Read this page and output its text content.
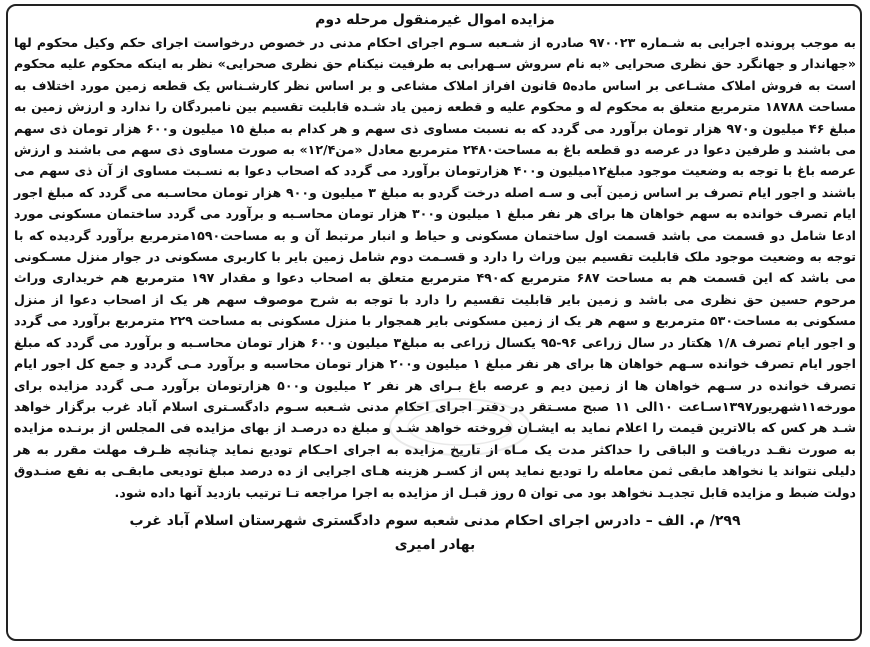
مزایده اموال غیرمنقول مرحله دوم

به موجب پرونده اجرایی به شـماره ۹۷۰۰۲۳ صادره از شـعبه سـوم اجرای احکام مدنی در خصوص درخواست اجرای حکم وکیل محکوم لها «جهاندار و جهانگرد حق نظری صحرایی «به نام سروش سـهرابی به طرفیت نیکنام حق نظری صحرایی» نظر به اینکه محکوم علیه محکوم است به فروش املاک مشـاعی بر اساس ماده۵ قانون افراز املاک مشاعی و بر اساس نظر کارشـناس یک قطعه زمین مورد اختلاف به مساحت ۱۸۷۸۸ مترمربع متعلق به محکوم له و محکوم علیه و قطعه زمین یاد شـده قابلیت تقسیم بین نامبردگان را ندارد و ارزش زمین به مبلغ ۴۶ میلیون و۹۷۰ هزار تومان برآورد می گردد که به نسبت مساوی ذی سهم و هر کدام به مبلغ ۱۵ میلیون و۶۰۰ هزار تومان ذی سهم می باشند و طرفین دعوا در عرصه دو قطعه باغ به مساحت۲۴۸۰ مترمربع معادل «من۱۲/۴» به صورت مساوی ذی سهم می باشند و ارزش عرصه باغ با توجه به وضعیت موجود مبلغ۱۲میلیون و۴۰۰ هزارتومان برآورد می گردد که اصحاب دعوا به نسـبت مساوی از آن ذی سهم می باشند و اجور ایام تصرف بر اساس زمین آبی و سـه اصله درخت گردو به مبلغ ۳ میلیون و۹۰۰ هزار تومان محاسـبه می گردد که مبلغ اجور ایام تصرف خوانده به سهم خواهان ها برای هر نفر مبلغ ۱ میلیون و۳۰۰ هزار تومان محاسـبه و برآورد می گردد ساختمان مسکونی مورد ادعا شامل دو قسمت می باشد قسمت اول ساختمان مسکونی و حیاط و انبار مرتبط آن و به مساحت۱۵۹۰مترمربع برآورد گردیده که با توجه به وضعیت موجود ملک قابلیت تقسیم بین وراث را دارد و قسـمت دوم شامل زمین بایر با کاربری مسکونی در جوار منزل مسـکونی می باشد که این قسمت هم به مساحت ۶۸۷ مترمربع که۴۹۰ مترمربع متعلق به اصحاب دعوا و مقدار ۱۹۷ مترمربع هم خریداری وراث مرحوم حسین حق نظری می باشد و زمین بایر قابلیت تقسیم را دارد با توجه به شرح موصوف سهم هر یک از اصحاب دعوا از منزل مسکونی به مساحت۵۳۰ مترمربع و سهم هر یک از زمین مسکونی بایر همجوار با منزل مسکونی به مساحت ۲۲۹ مترمربع برآورد می گردد و اجور ایام تصرف ۱/۸ هکتار در سال زراعی ۹۶-۹۵ یکسال زراعی به مبلغ۳ میلیون و۶۰۰ هزار تومان محاسـبه و برآورد می گردد که مبلغ اجور ایام تصرف خوانده سـهم خواهان ها برای هر نفر مبلغ ۱ میلیون و۲۰۰ هزار تومان محاسبه و برآورد مـی گردد و جمع کل اجور ایام تصرف خوانده در سـهم خواهان ها از زمین دیم و عرصه باغ بـرای هر نفر ۲ میلیون و۵۰۰ هزارتومان برآورد مـی گردد مزایده برای مورخه۱۱شهریور۱۳۹۷سـاعت ۱۰الی ۱۱ صبح مسـتقر در دفتر اجرای احکام مدنی شـعبه سـوم دادگسـتری اسلام آباد غرب برگزار خواهد شـد هر کس که بالاترین قیمت را اعلام نماید به ایشـان فروخته خواهد شـد و مبلغ ده درصـد از بهای مزایده فی المجلس از برنـده مزایده به صورت نقـد دریافت و الباقی را حداکثر مدت یک مـاه از تاریخ مزایده به اجرای احـکام تودیع نماید چنانچه ظـرف مهلت مقرر به هر دلیلی نتواند یا نخواهد مابقی ثمن معامله را تودیع نماید پس از کسـر هزینه هـای اجرایی از ده درصد مبلغ تودیعی مابقـی به نفع صنـدوق دولت ضبط و مزایده قابل تجدیـد نخواهد بود می توان ۵ روز قبـل از مزایده به اجرا مراجعه تـا ترتیب بازدید آنها داده شود.

۲۹۹/ م. الف – دادرس اجرای احکام مدنی شعبه سوم دادگستری شهرستان اسلام آباد غرب
بهادر امیری
